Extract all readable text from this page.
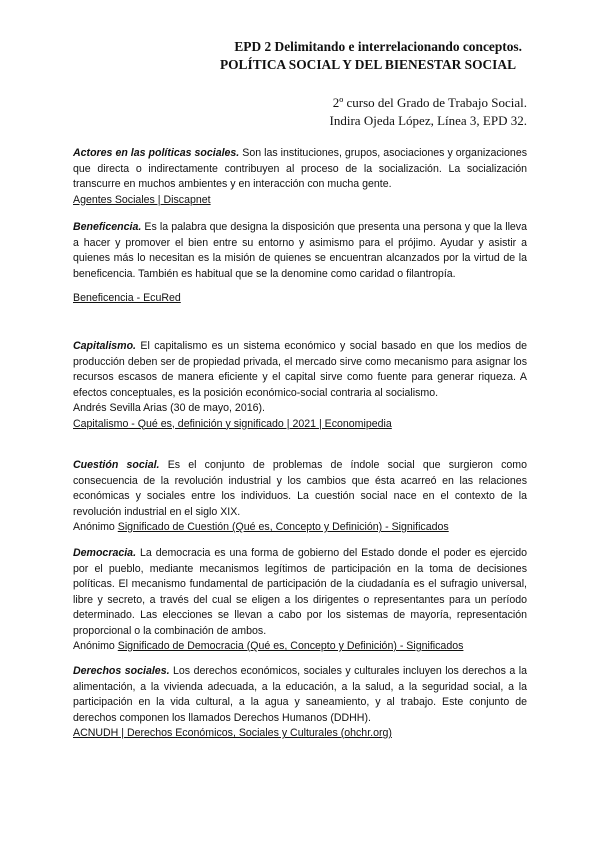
EPD 2 Delimitando e interrelacionando conceptos.
POLÍTICA SOCIAL Y DEL BIENESTAR SOCIAL
2º curso del Grado de Trabajo Social.
Indira Ojeda López, Línea 3, EPD 32.

Actores en las políticas sociales. Son las instituciones, grupos, asociaciones y organizaciones que directa o indirectamente contribuyen al proceso de la socialización. La socialización transcurre en muchos ambientes y en interacción con mucha gente.

Agentes Sociales | Discapnet

Beneficencia. Es la palabra que designa la disposición que presenta una persona y que la lleva a hacer y promover el bien entre su entorno y asimismo para el prójimo. Ayudar y asistir a quienes más lo necesitan es la misión de quienes se encuentran alcanzados por la virtud de la beneficencia. También es habitual que se la denomine como caridad o filantropía.

Beneficencia - EcuRed

Capitalismo. El capitalismo es un sistema económico y social basado en que los medios de producción deben ser de propiedad privada, el mercado sirve como mecanismo para asignar los recursos escasos de manera eficiente y el capital sirve como fuente para generar riqueza. A efectos conceptuales, es la posición económico-social contraria al socialismo.

Andrés Sevilla Arias (30 de mayo, 2016).

Capitalismo - Qué es, definición y significado | 2021 | Economipedia

Cuestión social. Es el conjunto de problemas de índole social que surgieron como consecuencia de la revolución industrial y los cambios que ésta acarreó en las relaciones económicas y sociales entre los individuos. La cuestión social nace en el contexto de la revolución industrial en el siglo XIX.

Anónimo Significado de Cuestión (Qué es, Concepto y Definición) - Significados

Democracia. La democracia es una forma de gobierno del Estado donde el poder es ejercido por el pueblo, mediante mecanismos legítimos de participación en la toma de decisiones políticas. El mecanismo fundamental de participación de la ciudadanía es el sufragio universal, libre y secreto, a través del cual se eligen a los dirigentes o representantes para un período determinado. Las elecciones se llevan a cabo por los sistemas de mayoría, representación proporcional o la combinación de ambos.

Anónimo Significado de Democracia (Qué es, Concepto y Definición) - Significados

Derechos sociales. Los derechos económicos, sociales y culturales incluyen los derechos a la alimentación, a la vivienda adecuada, a la educación, a la salud, a la seguridad social, a la participación en la vida cultural, a la agua y saneamiento, y al trabajo. Este conjunto de derechos componen los llamados Derechos Humanos (DDHH).

ACNUDH | Derechos Económicos, Sociales y Culturales (ohchr.org)
